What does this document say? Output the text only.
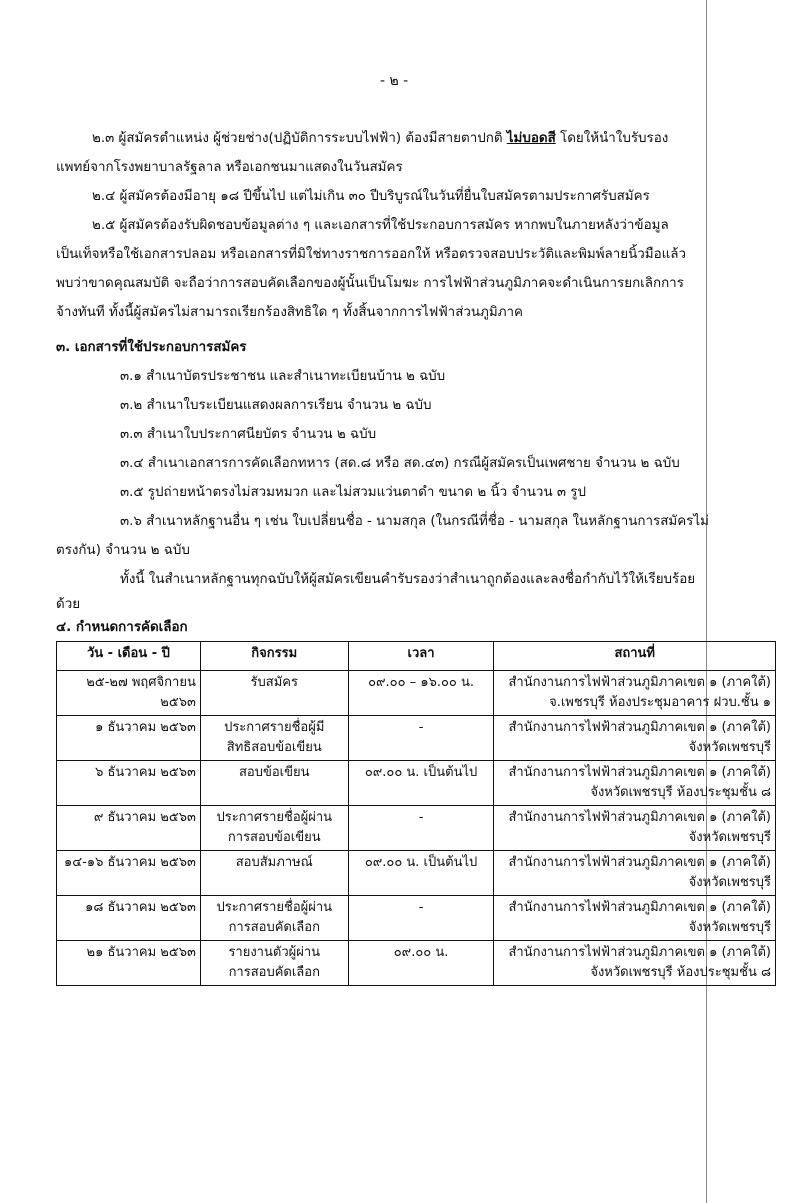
- ๒ -
๒.๓ ผู้สมัครตำแหน่ง ผู้ช่วยช่าง(ปฏิบัติการระบบไฟฟ้า) ต้องมีสายตาปกติ ไม่บอดสี โดยให้นำใบรับรอง
แพทย์จากโรงพยาบาลรัฐลาล หรือเอกชนมาแสดงในวันสมัคร
๒.๔ ผู้สมัครต้องมีอายุ ๑๘ ปีขึ้นไป แต่ไม่เกิน ๓๐ ปีบริบูรณ์ในวันที่ยื่นใบสมัครตามประกาศรับสมัคร
๒.๕ ผู้สมัครต้องรับผิดชอบข้อมูลต่าง ๆ และเอกสารที่ใช้ประกอบการสมัคร หากพบในภายหลังว่าข้อมูล
เป็นเท็จหรือใช้เอกสารปลอม หรือเอกสารที่มิใช่ทางราชการออกให้ หรือตรวจสอบประวัติและพิมพ์ลายนิ้วมือแล้ว
พบว่าขาดคุณสมบัติ จะถือว่าการสอบคัดเลือกของผู้นั้นเป็นโมฆะ การไฟฟ้าส่วนภูมิภาคจะดำเนินการยกเลิกการ
จ้างทันที ทั้งนี้ผู้สมัครไม่สามารถเรียกร้องสิทธิใด ๆ ทั้งสิ้นจากการไฟฟ้าส่วนภูมิภาค
๓. เอกสารที่ใช้ประกอบการสมัคร
๓.๑ สำเนาบัตรประชาชน และสำเนาทะเบียนบ้าน ๒ ฉบับ
๓.๒ สำเนาใบระเบียนแสดงผลการเรียน จำนวน ๒ ฉบับ
๓.๓ สำเนาใบประกาศนียบัตร จำนวน ๒ ฉบับ
๓.๔ สำเนาเอกสารการคัดเลือกทหาร (สด.๘ หรือ สด.๔๓) กรณีผู้สมัครเป็นเพศชาย จำนวน ๒ ฉบับ
๓.๕ รูปถ่ายหน้าตรงไม่สวมหมวก และไม่สวมแว่นตาดำ ขนาด ๒ นิ้ว จำนวน ๓ รูป
๓.๖ สำเนาหลักฐานอื่น ๆ เช่น ใบเปลี่ยนชื่อ - นามสกุล (ในกรณีที่ชื่อ - นามสกุล ในหลักฐานการสมัครไม่
ตรงกัน) จำนวน ๒ ฉบับ
ทั้งนี้ ในสำเนาหลักฐานทุกฉบับให้ผู้สมัครเขียนคำรับรองว่าสำเนาถูกต้องและลงชื่อกำกับไว้ให้เรียบร้อย
ด้วย
๔. กำหนดการคัดเลือก
วัน - เดือน - ปี	กิจกรรม	เวลา	สถานที่
๒๕-๒๗ พฤศจิกายน ๒๕๖๓	รับสมัคร	๐๙.๐๐ – ๑๖.๐๐ น.	สำนักงานการไฟฟ้าส่วนภูมิภาคเขต ๑ (ภาคใต้)
จ.เพชรบุรี ห้องประชุมอาคาร ฝวบ.ชั้น ๑

๑ ธันวาคม ๒๕๖๓	ประกาศรายชื่อผู้มี
สิทธิสอบข้อเขียน	-	สำนักงานการไฟฟ้าส่วนภูมิภาคเขต ๑ (ภาคใต้)
จังหวัดเพชรบุรี

๖ ธันวาคม ๒๕๖๓	สอบข้อเขียน	๐๙.๐๐ น. เป็นต้นไป	สำนักงานการไฟฟ้าส่วนภูมิภาคเขต ๑ (ภาคใต้)
จังหวัดเพชรบุรี ห้องประชุมชั้น ๘

๙ ธันวาคม ๒๕๖๓	ประกาศรายชื่อผู้ผ่าน
การสอบข้อเขียน	-	สำนักงานการไฟฟ้าส่วนภูมิภาคเขต ๑ (ภาคใต้)
จังหวัดเพชรบุรี

๑๔-๑๖ ธันวาคม ๒๕๖๓	สอบสัมภาษณ์	๐๙.๐๐ น. เป็นต้นไป	สำนักงานการไฟฟ้าส่วนภูมิภาคเขต ๑ (ภาคใต้)
จังหวัดเพชรบุรี

๑๘ ธันวาคม ๒๕๖๓	ประกาศรายชื่อผู้ผ่าน
การสอบคัดเลือก	-	สำนักงานการไฟฟ้าส่วนภูมิภาคเขต ๑ (ภาคใต้)
จังหวัดเพชรบุรี

๒๑ ธันวาคม ๒๕๖๓	รายงานตัวผู้ผ่าน
การสอบคัดเลือก	๐๙.๐๐ น.	สำนักงานการไฟฟ้าส่วนภูมิภาคเขต ๑ (ภาคใต้)
จังหวัดเพชรบุรี ห้องประชุมชั้น ๘
